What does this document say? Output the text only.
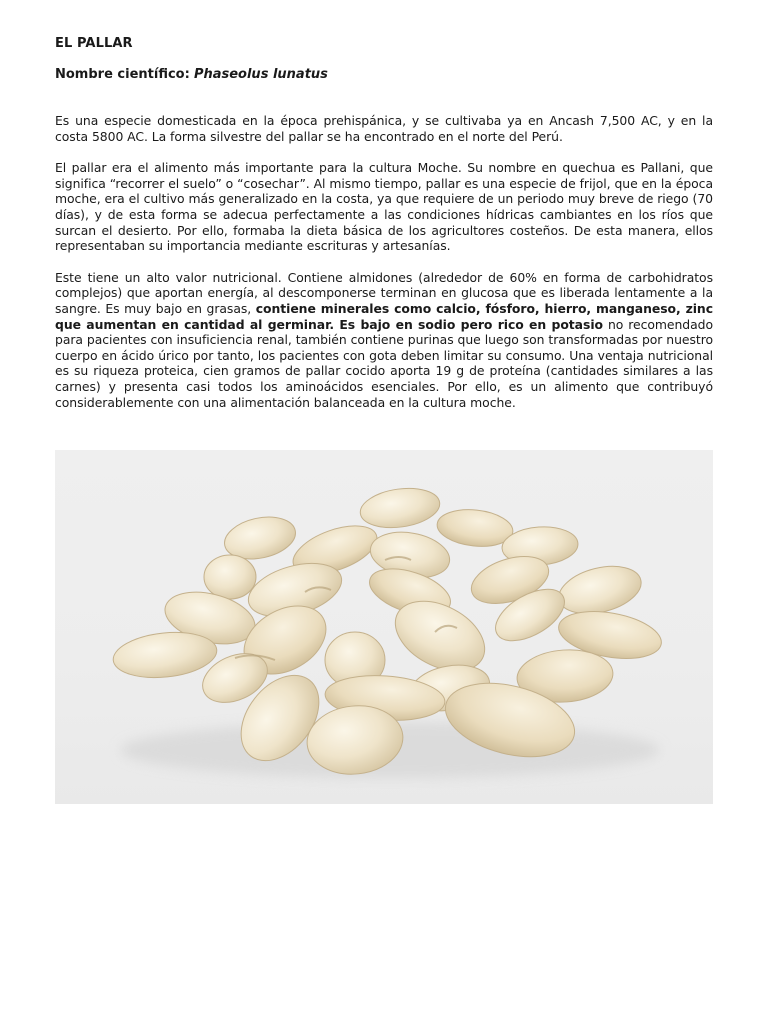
EL PALLAR

Nombre científico: Phaseolus lunatus

Es una especie domesticada en la época prehispánica, y se cultivaba ya en Ancash 7,500 AC, y en la costa 5800 AC. La forma silvestre del pallar se ha encontrado en el norte del Perú.

El pallar era el alimento más importante para la cultura Moche. Su nombre en quechua es Pallani, que significa “recorrer el suelo” o “cosechar”. Al mismo tiempo, pallar es una especie de frijol, que en la época moche, era el cultivo más generalizado en la costa, ya que requiere de un periodo muy breve de riego (70 días), y de esta forma se adecua perfectamente a las condiciones hídricas cambiantes en los ríos que surcan el desierto. Por ello, formaba la dieta básica de los agricultores costeños. De esta manera, ellos representaban su importancia mediante escrituras y artesanías.

Este tiene un alto valor nutricional. Contiene almidones (alrededor de 60% en forma de carbohidratos complejos) que aportan energía, al descomponerse terminan en glucosa que es liberada lentamente a la sangre. Es muy bajo en grasas, contiene minerales como calcio, fósforo, hierro, manganeso, zinc que aumentan en cantidad al germinar. Es bajo en sodio pero rico en potasio no recomendado para pacientes con insuficiencia renal, también contiene purinas que luego son transformadas por nuestro cuerpo en ácido úrico por tanto, los pacientes con gota deben limitar su consumo. Una ventaja nutricional es su riqueza proteica, cien gramos de pallar cocido aporta 19 g de proteína (cantidades similares a las carnes) y presenta casi todos los aminoácidos esenciales. Por ello, es un alimento que contribuyó considerablemente con una alimentación balanceada en la cultura moche.
